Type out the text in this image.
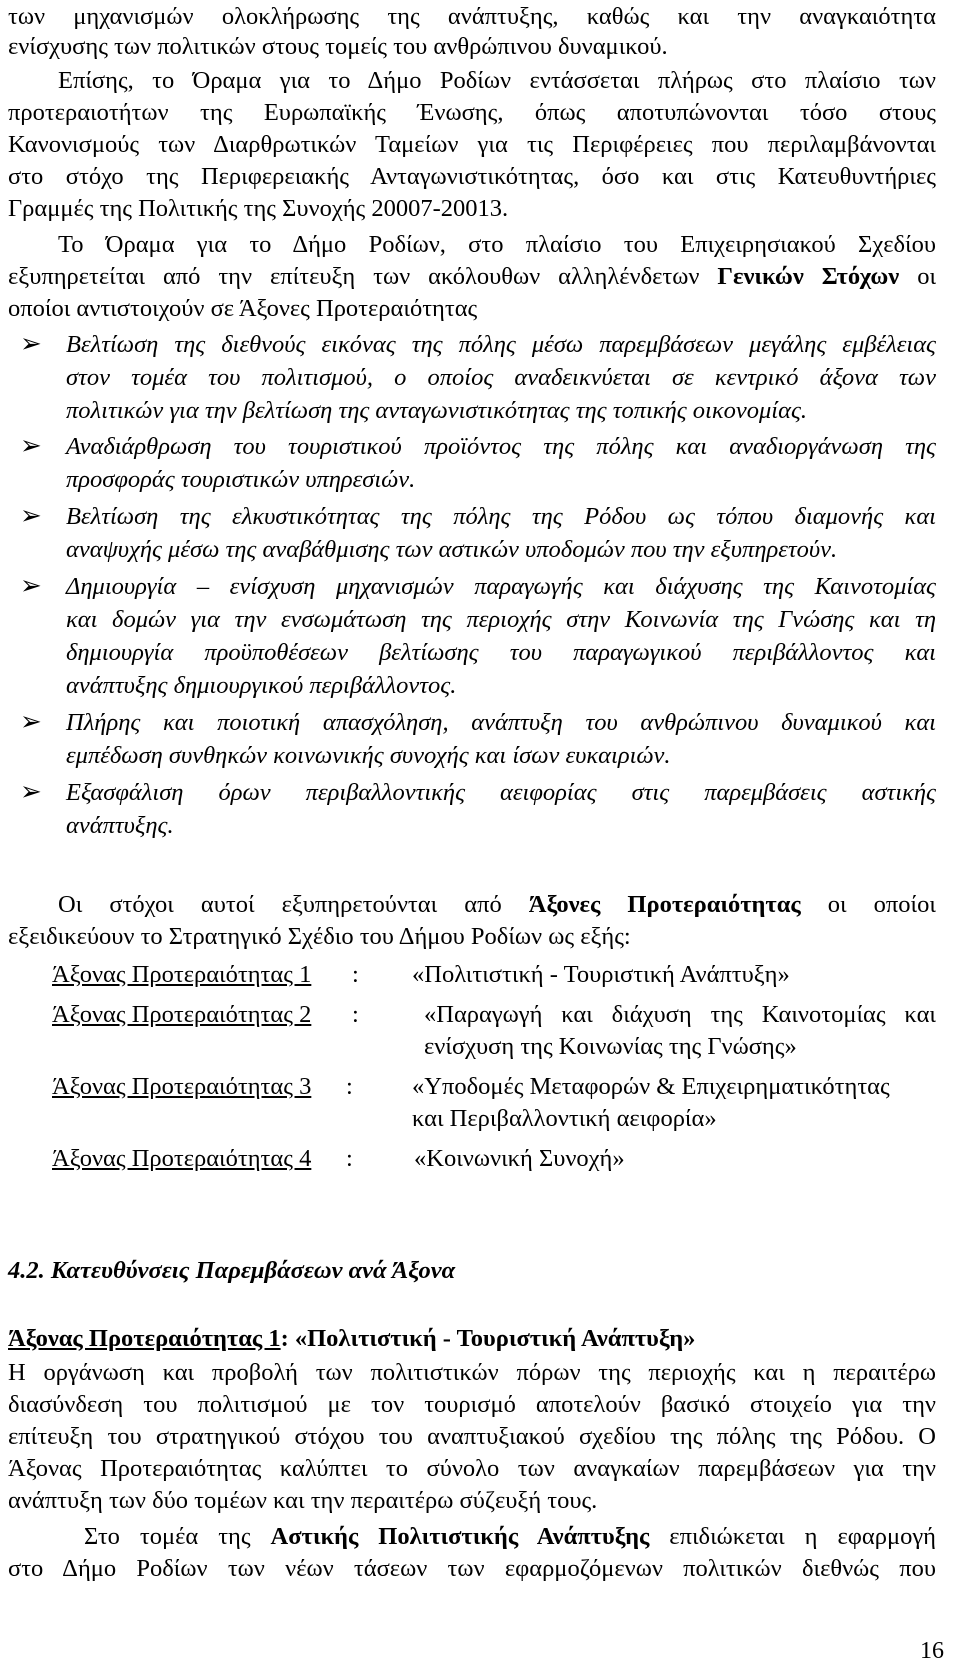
των μηχανισμών ολοκλήρωσης της ανάπτυξης, καθώς και την αναγκαιότητα
ενίσχυσης των πολιτικών στους τομείς του ανθρώπινου δυναμικού.
Επίσης, το Όραμα για το Δήμο Ροδίων εντάσσεται πλήρως στο πλαίσιο των
προτεραιοτήτων της Ευρωπαϊκής Ένωσης, όπως αποτυπώνονται τόσο στους
Κανονισμούς των Διαρθρωτικών Ταμείων για τις Περιφέρειες που περιλαμβάνονται
στο στόχο της Περιφερειακής Ανταγωνιστικότητας, όσο και στις Κατευθυντήριες
Γραμμές της Πολιτικής της Συνοχής 20007-20013.
Το Όραμα για το Δήμο Ροδίων, στο πλαίσιο του Επιχειρησιακού Σχεδίου
εξυπηρετείται από την επίτευξη των ακόλουθων αλληλένδετων Γενικών Στόχων οι
οποίοι αντιστοιχούν σε Άξονες Προτεραιότητας
➢ Βελτίωση της διεθνούς εικόνας της πόλης μέσω παρεμβάσεων μεγάλης εμβέλειας
στον τομέα του πολιτισμού, ο οποίος αναδεικνύεται σε κεντρικό άξονα των
πολιτικών για την βελτίωση της ανταγωνιστικότητας της τοπικής οικονομίας.
➢ Αναδιάρθρωση του τουριστικού προϊόντος της πόλης και αναδιοργάνωση της
προσφοράς τουριστικών υπηρεσιών.
➢ Βελτίωση της ελκυστικότητας της πόλης της Ρόδου ως τόπου διαμονής και
αναψυχής μέσω της αναβάθμισης των αστικών υποδομών που την εξυπηρετούν.
➢ Δημιουργία – ενίσχυση μηχανισμών παραγωγής και διάχυσης της Καινοτομίας
και δομών για την ενσωμάτωση της περιοχής στην Κοινωνία της Γνώσης και τη
δημιουργία προϋποθέσεων βελτίωσης του παραγωγικού περιβάλλοντος και
ανάπτυξης δημιουργικού περιβάλλοντος.
➢ Πλήρης και ποιοτική απασχόληση, ανάπτυξη του ανθρώπινου δυναμικού και
εμπέδωση συνθηκών κοινωνικής συνοχής και ίσων ευκαιριών.
➢ Εξασφάλιση όρων περιβαλλοντικής αειφορίας στις παρεμβάσεις αστικής
ανάπτυξης.
Οι στόχοι αυτοί εξυπηρετούνται από Άξονες Προτεραιότητας οι οποίοι
εξειδικεύουν το Στρατηγικό Σχέδιο του Δήμου Ροδίων ως εξής:
Άξονας Προτεραιότητας 1 : «Πολιτιστική - Τουριστική Ανάπτυξη»
Άξονας Προτεραιότητας 2 :	«Παραγωγή και διάχυση της Καινοτομίας και
ενίσχυση της Κοινωνίας της Γνώσης»
Άξονας Προτεραιότητας 3 : «Υποδομές Μεταφορών & Επιχειρηματικότητας
και Περιβαλλοντική αειφορία»
Άξονας Προτεραιότητας 4 : «Κοινωνική Συνοχή»
4.2. Κατευθύνσεις Παρεμβάσεων ανά Άξονα
Άξονας Προτεραιότητας 1: «Πολιτιστική - Τουριστική Ανάπτυξη»
Η οργάνωση και προβολή των πολιτιστικών πόρων της περιοχής και η περαιτέρω
διασύνδεση του πολιτισμού με τον τουρισμό αποτελούν βασικό στοιχείο για την
επίτευξη του στρατηγικού στόχου του αναπτυξιακού σχεδίου της πόλης της Ρόδου. Ο
Άξονας Προτεραιότητας καλύπτει το σύνολο των αναγκαίων παρεμβάσεων για την
ανάπτυξη των δύο τομέων και την περαιτέρω σύζευξή τους.
Στο τομέα της Αστικής Πολιτιστικής Ανάπτυξης επιδιώκεται η εφαρμογή
στο Δήμο Ροδίων των νέων τάσεων των εφαρμοζόμενων πολιτικών διεθνώς που
16
